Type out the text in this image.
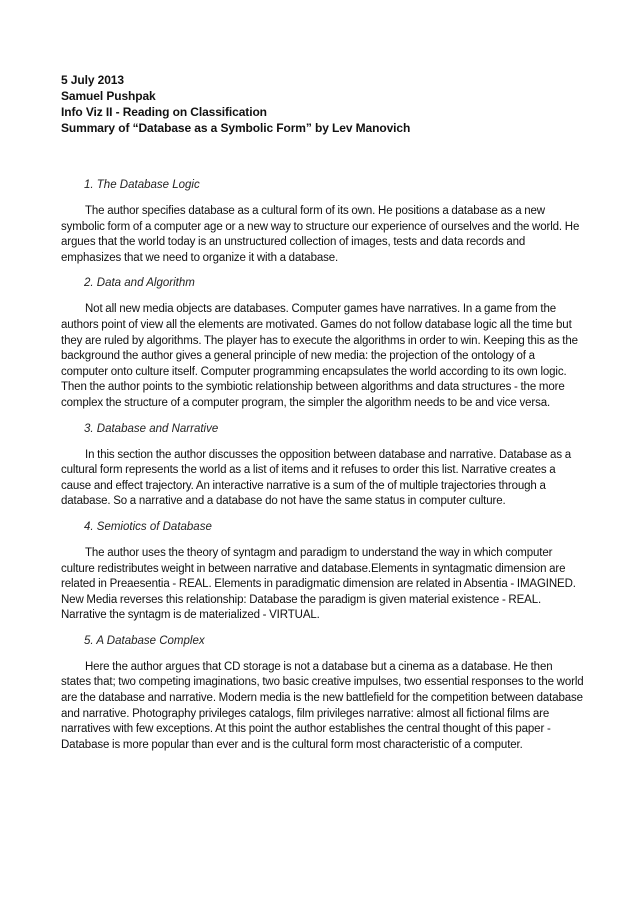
5 July 2013
Samuel Pushpak
Info Viz II - Reading on Classification
Summary of “Database as a Symbolic Form” by Lev Manovich
1. The Database Logic

The author specifies database as a cultural form of its own. He positions a database as a new symbolic form of a computer age or a new way to structure our experience of ourselves and the world. He argues that the world today is an unstructured collection of images, tests and data records and emphasizes that we need to organize it with a database.

2. Data and Algorithm

Not all new media objects are databases. Computer games have narratives. In a game from the authors point of view all the elements are motivated. Games do not follow database logic all the time but they are ruled by algorithms. The player has to execute the algorithms in order to win. Keeping this as the background the author gives a general principle of new media: the projection of the ontology of a computer onto culture itself. Computer programming encapsulates the world according to its own logic. Then the author points to the symbiotic relationship between algorithms and data structures - the more complex the structure of a computer program, the simpler the algorithm needs to be and vice versa.

3. Database and Narrative

In this section the author discusses the opposition between database and narrative. Database as a cultural form represents the world as a list of items and it refuses to order this list. Narrative creates a cause and effect trajectory. An interactive narrative is a sum of the of multiple trajectories through a database. So a narrative and a database do not have the same status in computer culture.

4. Semiotics of Database

The author uses the theory of syntagm and paradigm to understand the way in which computer culture redistributes weight in between narrative and database.Elements in syntagmatic dimension are related in Preaesentia - REAL. Elements in paradigmatic dimension are related in Absentia - IMAGINED. New Media reverses this relationship: Database the paradigm is given material existence - REAL. Narrative the syntagm is de materialized - VIRTUAL.

5. A Database Complex

Here the author argues that CD storage is not a database but a cinema as a database. He then states that; two competing imaginations, two basic creative impulses, two essential responses to the world are the database and narrative. Modern media is the new battlefield for the competition between database and narrative. Photography privileges catalogs, film privileges narrative: almost all fictional films are narratives with few exceptions. At this point the author establishes the central thought of this paper - Database is more popular than ever and is the cultural form most characteristic of a computer.
